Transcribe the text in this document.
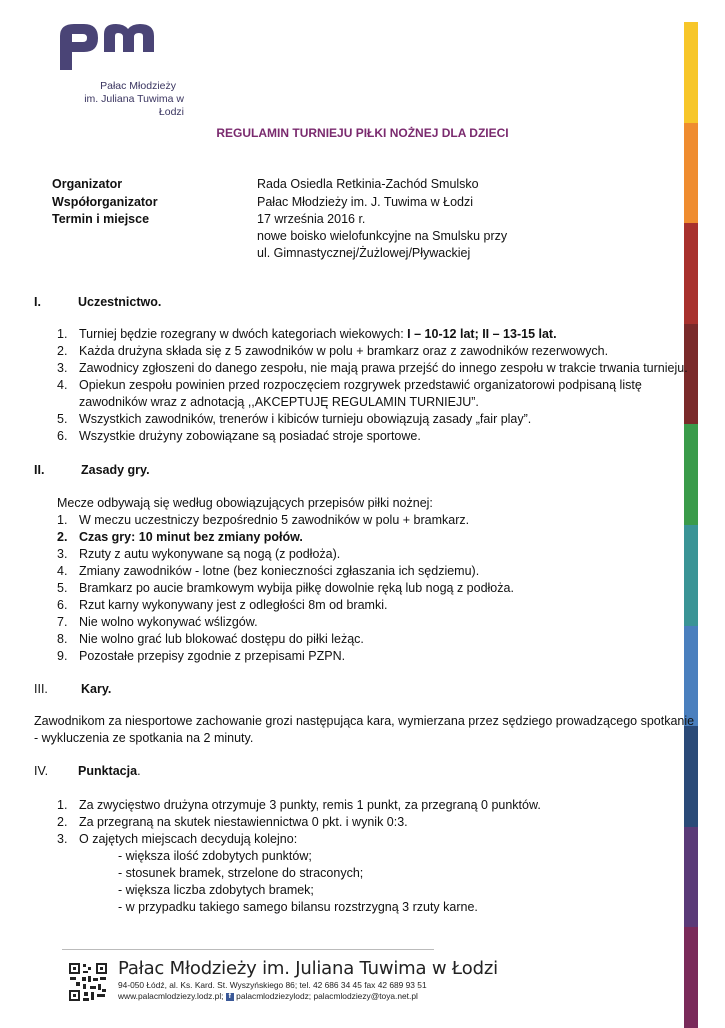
Pałac Młodzieży
im. Juliana Tuwima w Łodzi
REGULAMIN TURNIEJU PIŁKI NOŻNEJ DLA DZIECI
Organizator	Rada Osiedla Retkinia-Zachód Smulsko
Współorganizator	Pałac Młodzieży im. J. Tuwima w Łodzi
Termin i miejsce	17 września 2016 r.
nowe boisko wielofunkcyjne na Smulsku przy
ul. Gimnastycznej/Żużlowej/Pływackiej
I.	Uczestnictwo.
1. Turniej będzie rozegrany w dwóch kategoriach wiekowych: I – 10-12 lat; II – 13-15 lat.
2. Każda drużyna składa się z 5 zawodników w polu + bramkarz oraz z zawodników rezerwowych.
3. Zawodnicy zgłoszeni do danego zespołu, nie mają prawa przejść do innego zespołu w trakcie trwania turnieju.
4. Opiekun zespołu powinien przed rozpoczęciem rozgrywek przedstawić organizatorowi podpisaną listę
zawodników wraz z adnotacją ,,AKCEPTUJĘ REGULAMIN TURNIEJU”.
5. Wszystkich zawodników, trenerów i kibiców turnieju obowiązują zasady „fair play”.
6. Wszystkie drużyny zobowiązane są posiadać stroje sportowe.
II.	Zasady gry.
Mecze odbywają się według obowiązujących przepisów piłki nożnej:
1. W meczu uczestniczy bezpośrednio 5 zawodników w polu + bramkarz.
2. Czas gry: 10 minut bez zmiany połów.
3. Rzuty z autu wykonywane są nogą (z podłoża).
4. Zmiany zawodników - lotne (bez konieczności zgłaszania ich sędziemu).
5. Bramkarz po aucie bramkowym wybija piłkę dowolnie ręką lub nogą z podłoża.
6. Rzut karny wykonywany jest z odległości 8m od bramki.
7. Nie wolno wykonywać wślizgów.
8. Nie wolno grać lub blokować dostępu do piłki leżąc.
9. Pozostałe przepisy zgodnie z przepisami PZPN.
III.	Kary.
Zawodnikom za niesportowe zachowanie grozi następująca kara, wymierzana przez sędziego prowadzącego spotkanie
- wykluczenia ze spotkania na 2 minuty.
IV. Punktacja.
1. Za zwycięstwo drużyna otrzymuje 3 punkty, remis 1 punkt, za przegraną 0 punktów.
2. Za przegraną na skutek niestawiennictwa 0 pkt. i wynik 0:3.
3. O zajętych miejscach decydują kolejno:
- większa ilość zdobytych punktów;
- stosunek bramek, strzelone do straconych;
- większa liczba zdobytych bramek;
- w przypadku takiego samego bilansu rozstrzygną 3 rzuty karne.
Pałac Młodzieży im. Juliana Tuwima w Łodzi
94-050 Łódź, al. Ks. Kard. St. Wyszyńskiego 86; tel. 42 686 34 45 fax 42 689 93 51
www.palacmlodziezy.lodz.pl; f palacmlodziezylodz; palacmlodziezy@toya.net.pl
